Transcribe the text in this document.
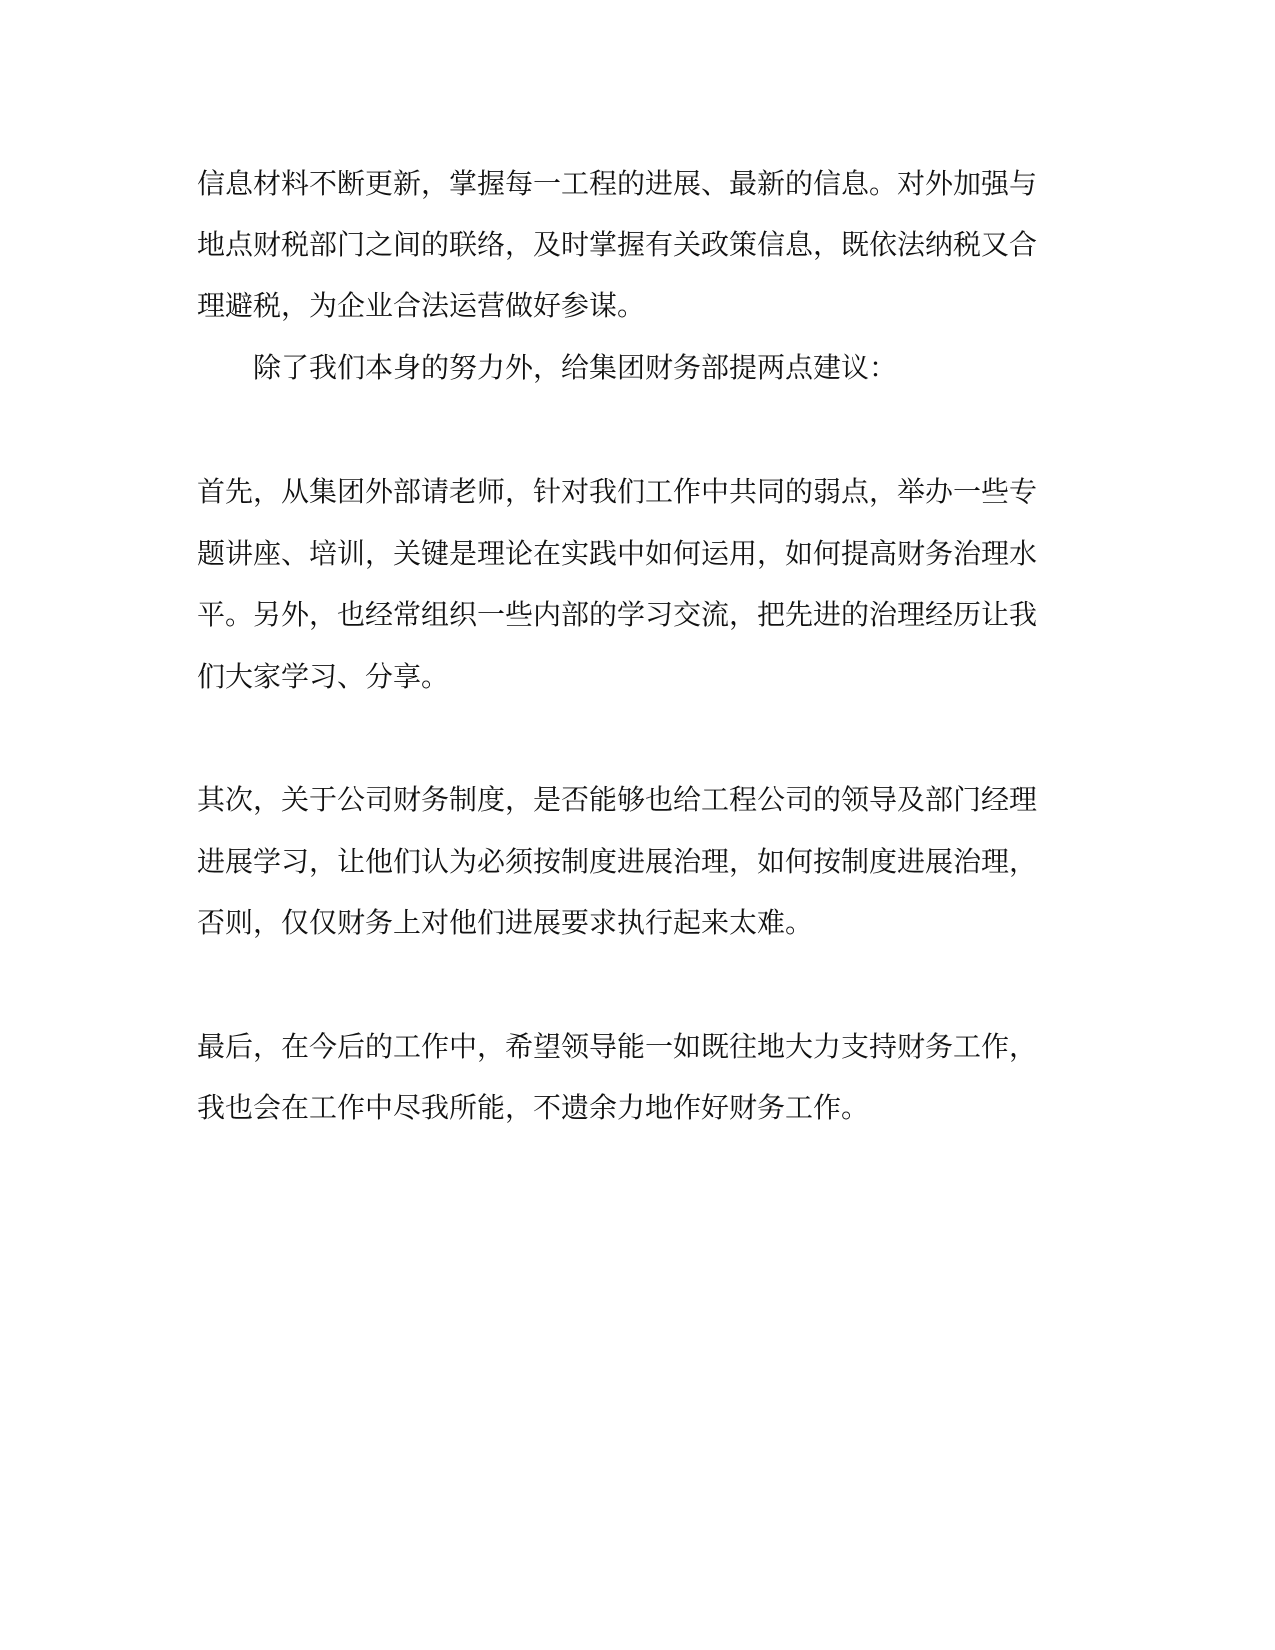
信息材料不断更新，掌握每一工程的进展、最新的信息。对外加强与

地点财税部门之间的联络，及时掌握有关政策信息，既依法纳税又合

理避税，为企业合法运营做好参谋。

除了我们本身的努力外，给集团财务部提两点建议：

首先，从集团外部请老师，针对我们工作中共同的弱点，举办一些专

题讲座、培训，关键是理论在实践中如何运用，如何提高财务治理水

平。另外，也经常组织一些内部的学习交流，把先进的治理经历让我

们大家学习、分享。

其次，关于公司财务制度，是否能够也给工程公司的领导及部门经理

进展学习，让他们认为必须按制度进展治理，如何按制度进展治理，

否则，仅仅财务上对他们进展要求执行起来太难。

最后，在今后的工作中，希望领导能一如既往地大力支持财务工作，

我也会在工作中尽我所能，不遗余力地作好财务工作。
